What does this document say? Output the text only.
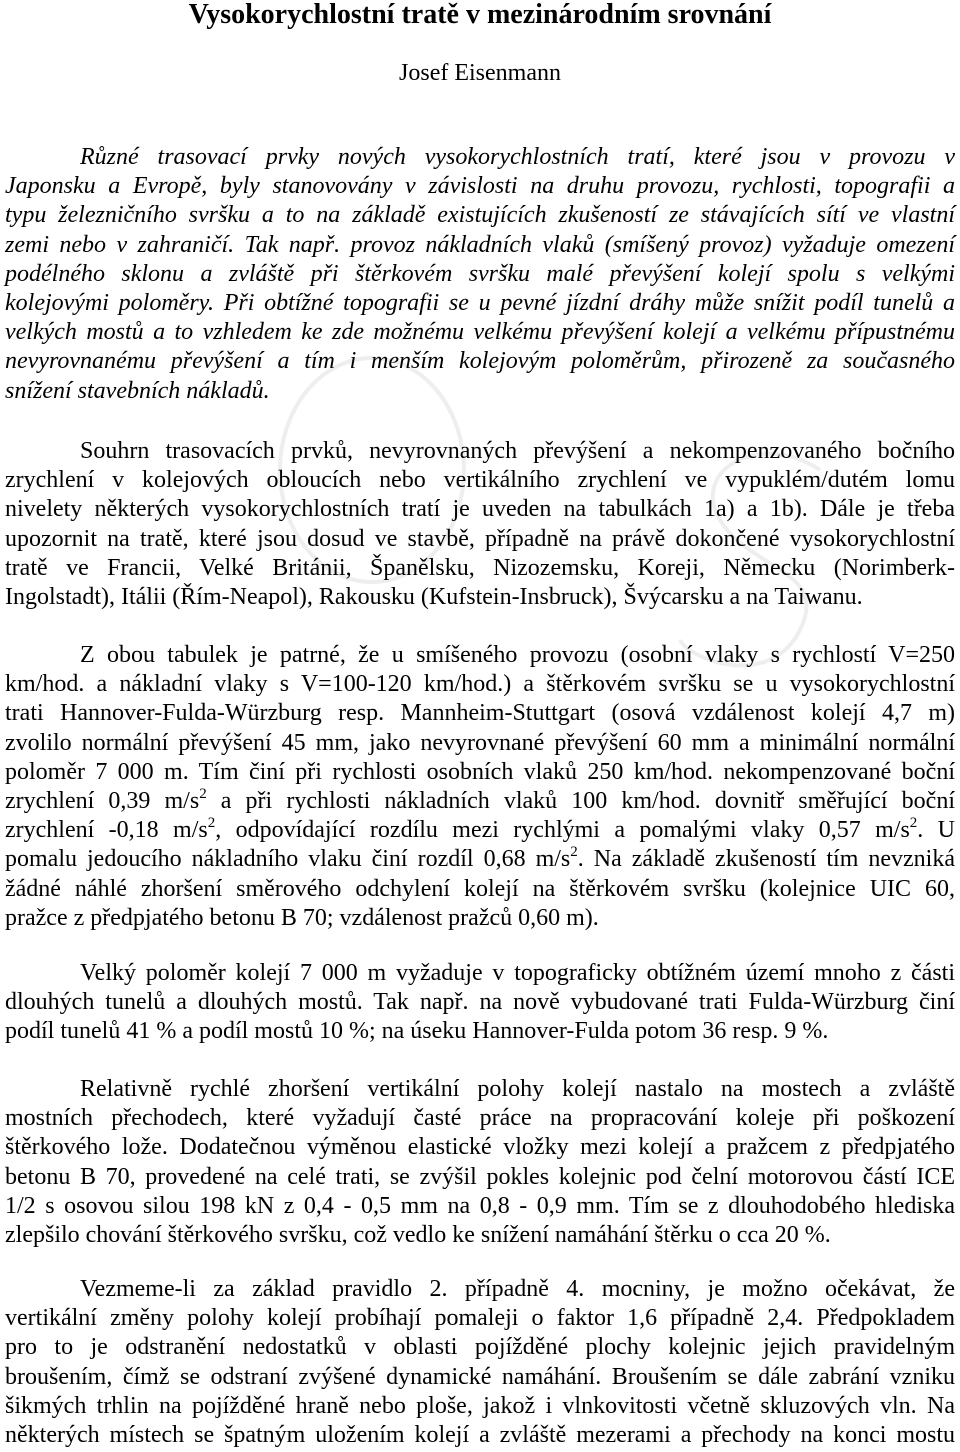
Vysokorychlostní tratě v mezinárodním srovnání
Josef Eisenmann
Různé trasovací prvky nových vysokorychlostních tratí, které jsou v provozu v
Japonsku a Evropě, byly stanovovány v závislosti na druhu provozu, rychlosti, topografii a
typu železničního svršku a to na základě existujících zkušeností ze stávajících sítí ve vlastní
zemi nebo v zahraničí. Tak např. provoz nákladních vlaků (smíšený provoz) vyžaduje omezení
podélného sklonu a zvláště při štěrkovém svršku malé převýšení kolejí spolu s velkými
kolejovými poloměry. Při obtížné topografii se u pevné jízdní dráhy může snížit podíl tunelů a
velkých mostů a to vzhledem ke zde možnému velkému převýšení kolejí a velkému přípustnému
nevyrovnanému převýšení a tím i menším kolejovým poloměrům, přirozeně za současného
snížení stavebních nákladů.
Souhrn trasovacích prvků, nevyrovnaných převýšení a nekompenzovaného bočního
zrychlení v kolejových obloucích nebo vertikálního zrychlení ve vypuklém/dutém lomu
nivelety některých vysokorychlostních tratí je uveden na tabulkách 1a) a 1b). Dále je třeba
upozornit na tratě, které jsou dosud ve stavbě, případně na právě dokončené vysokorychlostní
tratě ve Francii, Velké Británii, Španělsku, Nizozemsku, Koreji, Německu (Norimberk-
Ingolstadt), Itálii (Řím-Neapol), Rakousku (Kufstein-Insbruck), Švýcarsku a na Taiwanu.
Z obou tabulek je patrné, že u smíšeného provozu (osobní vlaky s rychlostí V=250
km/hod. a nákladní vlaky s V=100-120 km/hod.) a štěrkovém svršku se u vysokorychlostní
trati Hannover-Fulda-Würzburg resp. Mannheim-Stuttgart (osová vzdálenost kolejí 4,7 m)
zvolilo normální převýšení 45 mm, jako nevyrovnané převýšení 60 mm a minimální normální
poloměr 7 000 m. Tím činí při rychlosti osobních vlaků 250 km/hod. nekompenzované boční
zrychlení 0,39 $m/s^2$ a při rychlosti nákladních vlaků 100 km/hod. dovnitř směřující boční
zrychlení -0,18 $m/s^2$, odpovídající rozdílu mezi rychlými a pomalými vlaky 0,57 $m/s^2$. U
pomalu jedoucího nákladního vlaku činí rozdíl 0,68 $m/s^2$. Na základě zkušeností tím nevzniká
žádné náhlé zhoršení směrového odchylení kolejí na štěrkovém svršku (kolejnice UIC 60,
pražce z předpjatého betonu B 70; vzdálenost pražců 0,60 m).
Velký poloměr kolejí 7 000 m vyžaduje v topograficky obtížném území mnoho z části
dlouhých tunelů a dlouhých mostů. Tak např. na nově vybudované trati Fulda-Würzburg činí
podíl tunelů 41 % a podíl mostů 10 %; na úseku Hannover-Fulda potom 36 resp. 9 %.
Relativně rychlé zhoršení vertikální polohy kolejí nastalo na mostech a zvláště
mostních přechodech, které vyžadují časté práce na propracování koleje při poškození
štěrkového lože. Dodatečnou výměnou elastické vložky mezi kolejí a pražcem z předpjatého
betonu B 70, provedené na celé trati, se zvýšil pokles kolejnic pod čelní motorovou částí ICE
1/2 s osovou silou 198 kN z 0,4 - 0,5 mm na 0,8 - 0,9 mm. Tím se z dlouhodobého hlediska
zlepšilo chování štěrkového svršku, což vedlo ke snížení namáhání štěrku o cca 20 %.
Vezmeme-li za základ pravidlo 2. případně 4. mocniny, je možno očekávat, že
vertikální změny polohy kolejí probíhají pomaleji o faktor 1,6 případně 2,4. Předpokladem
pro to je odstranění nedostatků v oblasti pojížděné plochy kolejnic jejich pravidelným
broušením, čímž se odstraní zvýšené dynamické namáhání. Broušením se dále zabrání vzniku
šikmých trhlin na pojížděné hraně nebo ploše, jakož i vlnkovitosti včetně skluzových vln. Na
některých místech se špatným uložením kolejí a zvláště mezerami a přechody na konci mostu
